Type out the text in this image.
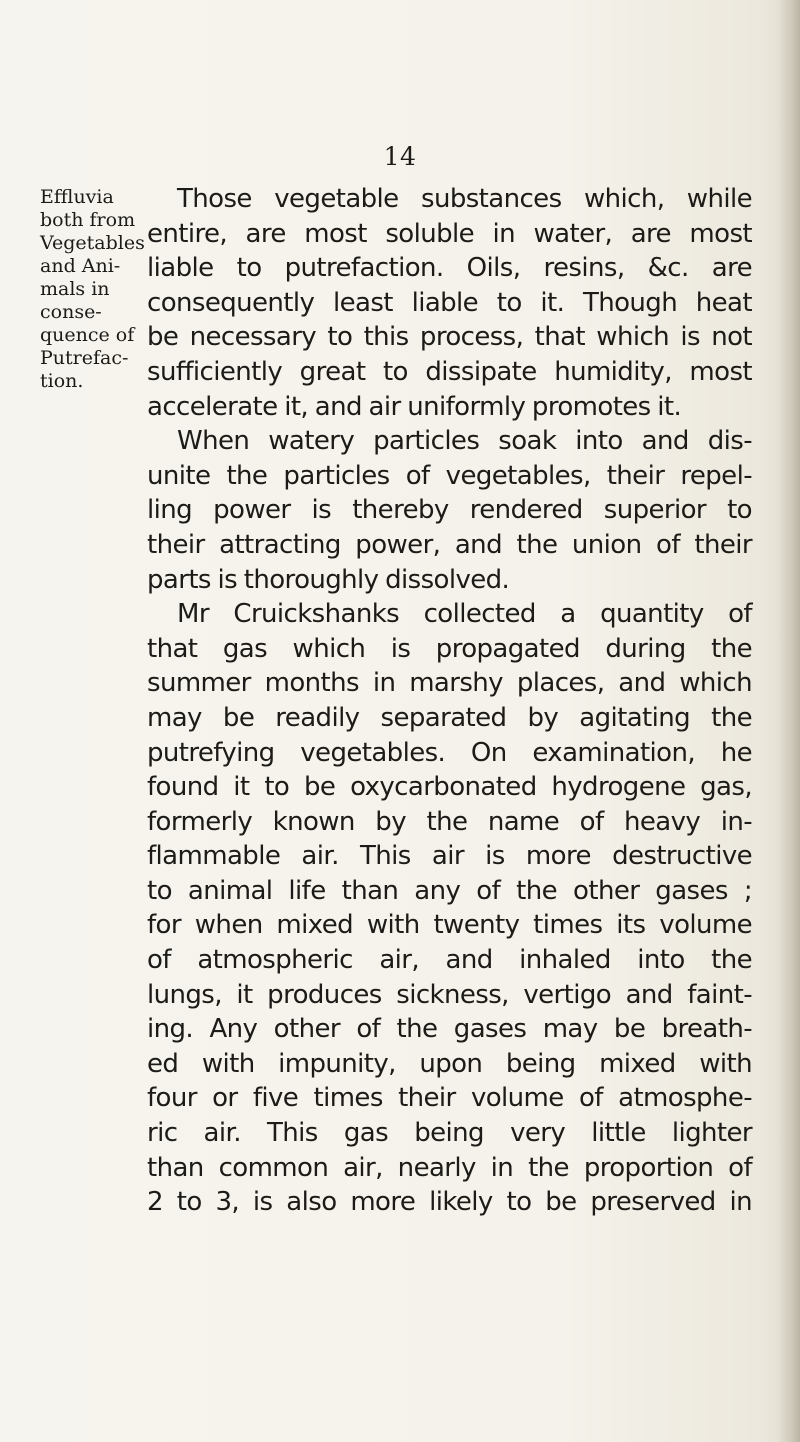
14
Effluvia
both from
Vegetables
and Ani-
mals in
conse-
quence of
Putrefac-
tion.
Those vegetable substances which, while
entire, are most soluble in water, are most
liable to putrefaction. Oils, resins, &c. are
consequently least liable to it. Though heat
be necessary to this process, that which is not
sufficiently great to dissipate humidity, most
accelerate it, and air uniformly promotes it.
When watery particles soak into and dis-
unite the particles of vegetables, their repel-
ling power is thereby rendered superior to
their attracting power, and the union of their
parts is thoroughly dissolved.
Mr Cruickshanks collected a quantity of
that gas which is propagated during the
summer months in marshy places, and which
may be readily separated by agitating the
putrefying vegetables. On examination, he
found it to be oxycarbonated hydrogene gas,
formerly known by the name of heavy in-
flammable air. This air is more destructive
to animal life than any of the other gases ;
for when mixed with twenty times its volume
of atmospheric air, and inhaled into the
lungs, it produces sickness, vertigo and faint-
ing. Any other of the gases may be breath-
ed with impunity, upon being mixed with
four or five times their volume of atmosphe-
ric air. This gas being very little lighter
than common air, nearly in the proportion of
2 to 3, is also more likely to be preserved in
